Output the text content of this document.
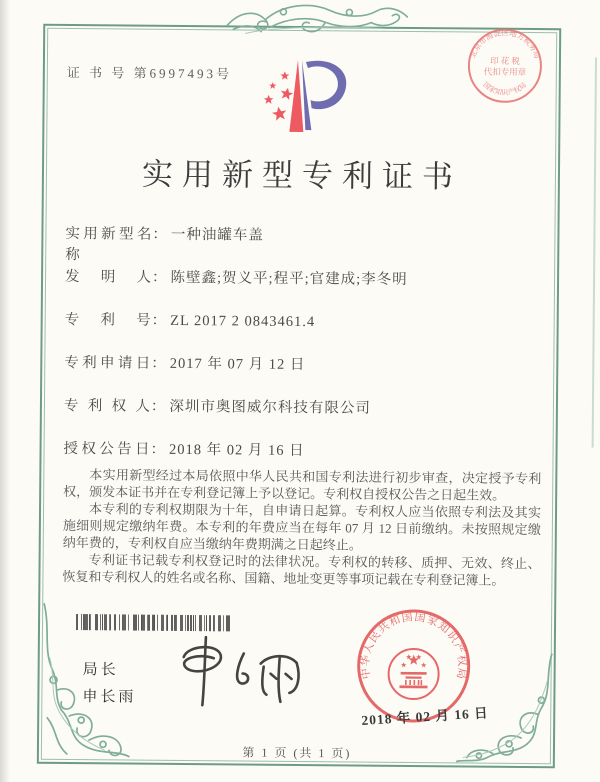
证 书 号 第6997493号
实用新型专利证书
实用新型名称： 一种油罐车盖
发明人： 陈壁鑫;贺义平;程平;官建成;李冬明
专利号： ZL 2017 2 0843461.4
专利申请日： 2017 年 07 月 12 日
专利权人： 深圳市奥图威尔科技有限公司
授权公告日： 2018 年 02 月 16 日

本实用新型经过本局依照中华人民共和国专利法进行初步审查，决定授予专利权，颁发本证书并在专利登记簿上予以登记。专利权自授权公告之日起生效。

本专利的专利权期限为十年，自申请日起算。专利权人应当依照专利法及其实施细则规定缴纳年费。本专利的年费应当在每年 07 月 12 日前缴纳。未按照规定缴纳年费的，专利权自应当缴纳年费期满之日起终止。

专利证书记载专利权登记时的法律状况。专利权的转移、质押、无效、终止、恢复和专利权人的姓名或名称、国籍、地址变更等事项记载在专利登记簿上。

局长
申长雨
中华人民共和国国家知识产权局
2018 年 02 月 16 日
北京市海淀区地方税务局
印 花 税
代扣专用章
国家知识产权局
第 1 页 (共 1 页)
